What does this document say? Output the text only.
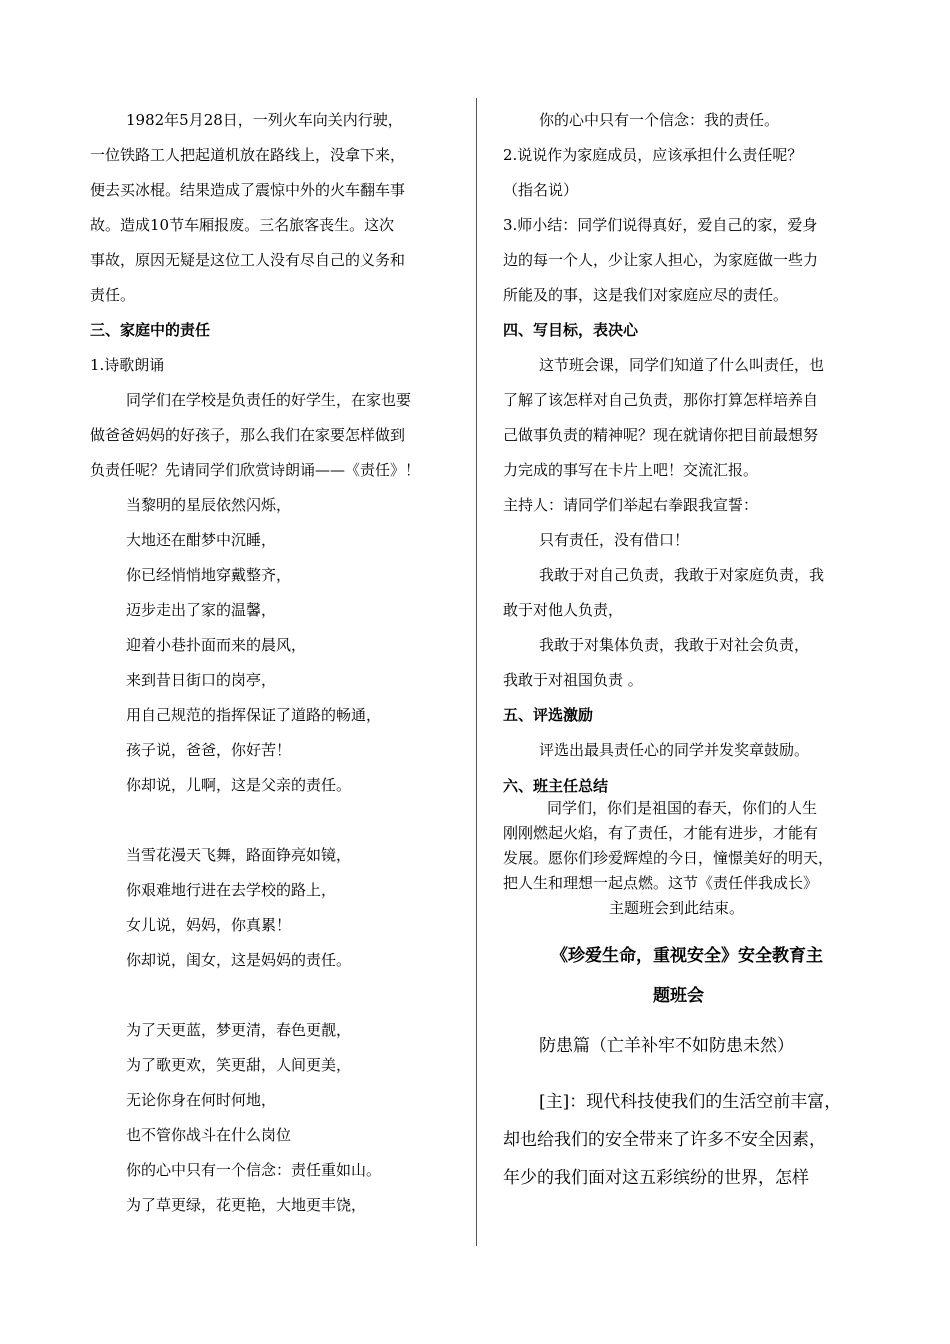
1982年5月28日，一列火车向关内行驶，
一位铁路工人把起道机放在路线上，没拿下来，
便去买冰棍。结果造成了震惊中外的火车翻车事
故。造成10节车厢报废。三名旅客丧生。这次
事故，原因无疑是这位工人没有尽自己的义务和
责任。
三、家庭中的责任
1.诗歌朗诵
同学们在学校是负责任的好学生，在家也要
做爸爸妈妈的好孩子，那么我们在家要怎样做到
负责任呢？先请同学们欣赏诗朗诵——《责任》！
当黎明的星辰依然闪烁，
大地还在酣梦中沉睡，
你已经悄悄地穿戴整齐，
迈步走出了家的温馨，
迎着小巷扑面而来的晨风，
来到昔日街口的岗亭，
用自己规范的指挥保证了道路的畅通，
孩子说，爸爸，你好苦！
你却说，儿啊，这是父亲的责任。
当雪花漫天飞舞，路面铮亮如镜，
你艰难地行进在去学校的路上，
女儿说，妈妈，你真累！
你却说，闺女，这是妈妈的责任。
为了天更蓝，梦更清，春色更靓，
为了歌更欢，笑更甜，人间更美，
无论你身在何时何地，
也不管你战斗在什么岗位
你的心中只有一个信念：责任重如山。
为了草更绿，花更艳，大地更丰饶，
你的心中只有一个信念：我的责任。
2.说说作为家庭成员，应该承担什么责任呢？
（指名说）
3.师小结：同学们说得真好，爱自己的家，爱身
边的每一个人，少让家人担心，为家庭做一些力
所能及的事，这是我们对家庭应尽的责任。
四、写目标，表决心
这节班会课，同学们知道了什么叫责任，也
了解了该怎样对自己负责，那你打算怎样培养自
己做事负责的精神呢？现在就请你把目前最想努
力完成的事写在卡片上吧！交流汇报。
主持人：请同学们举起右拳跟我宣誓：
只有责任，没有借口！
我敢于对自己负责，我敢于对家庭负责，我
敢于对他人负责，
我敢于对集体负责，我敢于对社会负责，
我敢于对祖国负责 。
五、评选激励
评选出最具责任心的同学并发奖章鼓励。
六、班主任总结
同学们，你们是祖国的春天，你们的人生
刚刚燃起火焰，有了责任，才能有进步，才能有
发展。愿你们珍爱辉煌的今日，憧憬美好的明天，
把人生和理想一起点燃。这节《责任伴我成长》
主题班会到此结束。
《珍爱生命，重视安全》安全教育主
题班会
防患篇（亡羊补牢不如防患未然）
[主]：现代科技使我们的生活空前丰富，
却也给我们的安全带来了许多不安全因素，
年少的我们面对这五彩缤纷的世界，怎样
